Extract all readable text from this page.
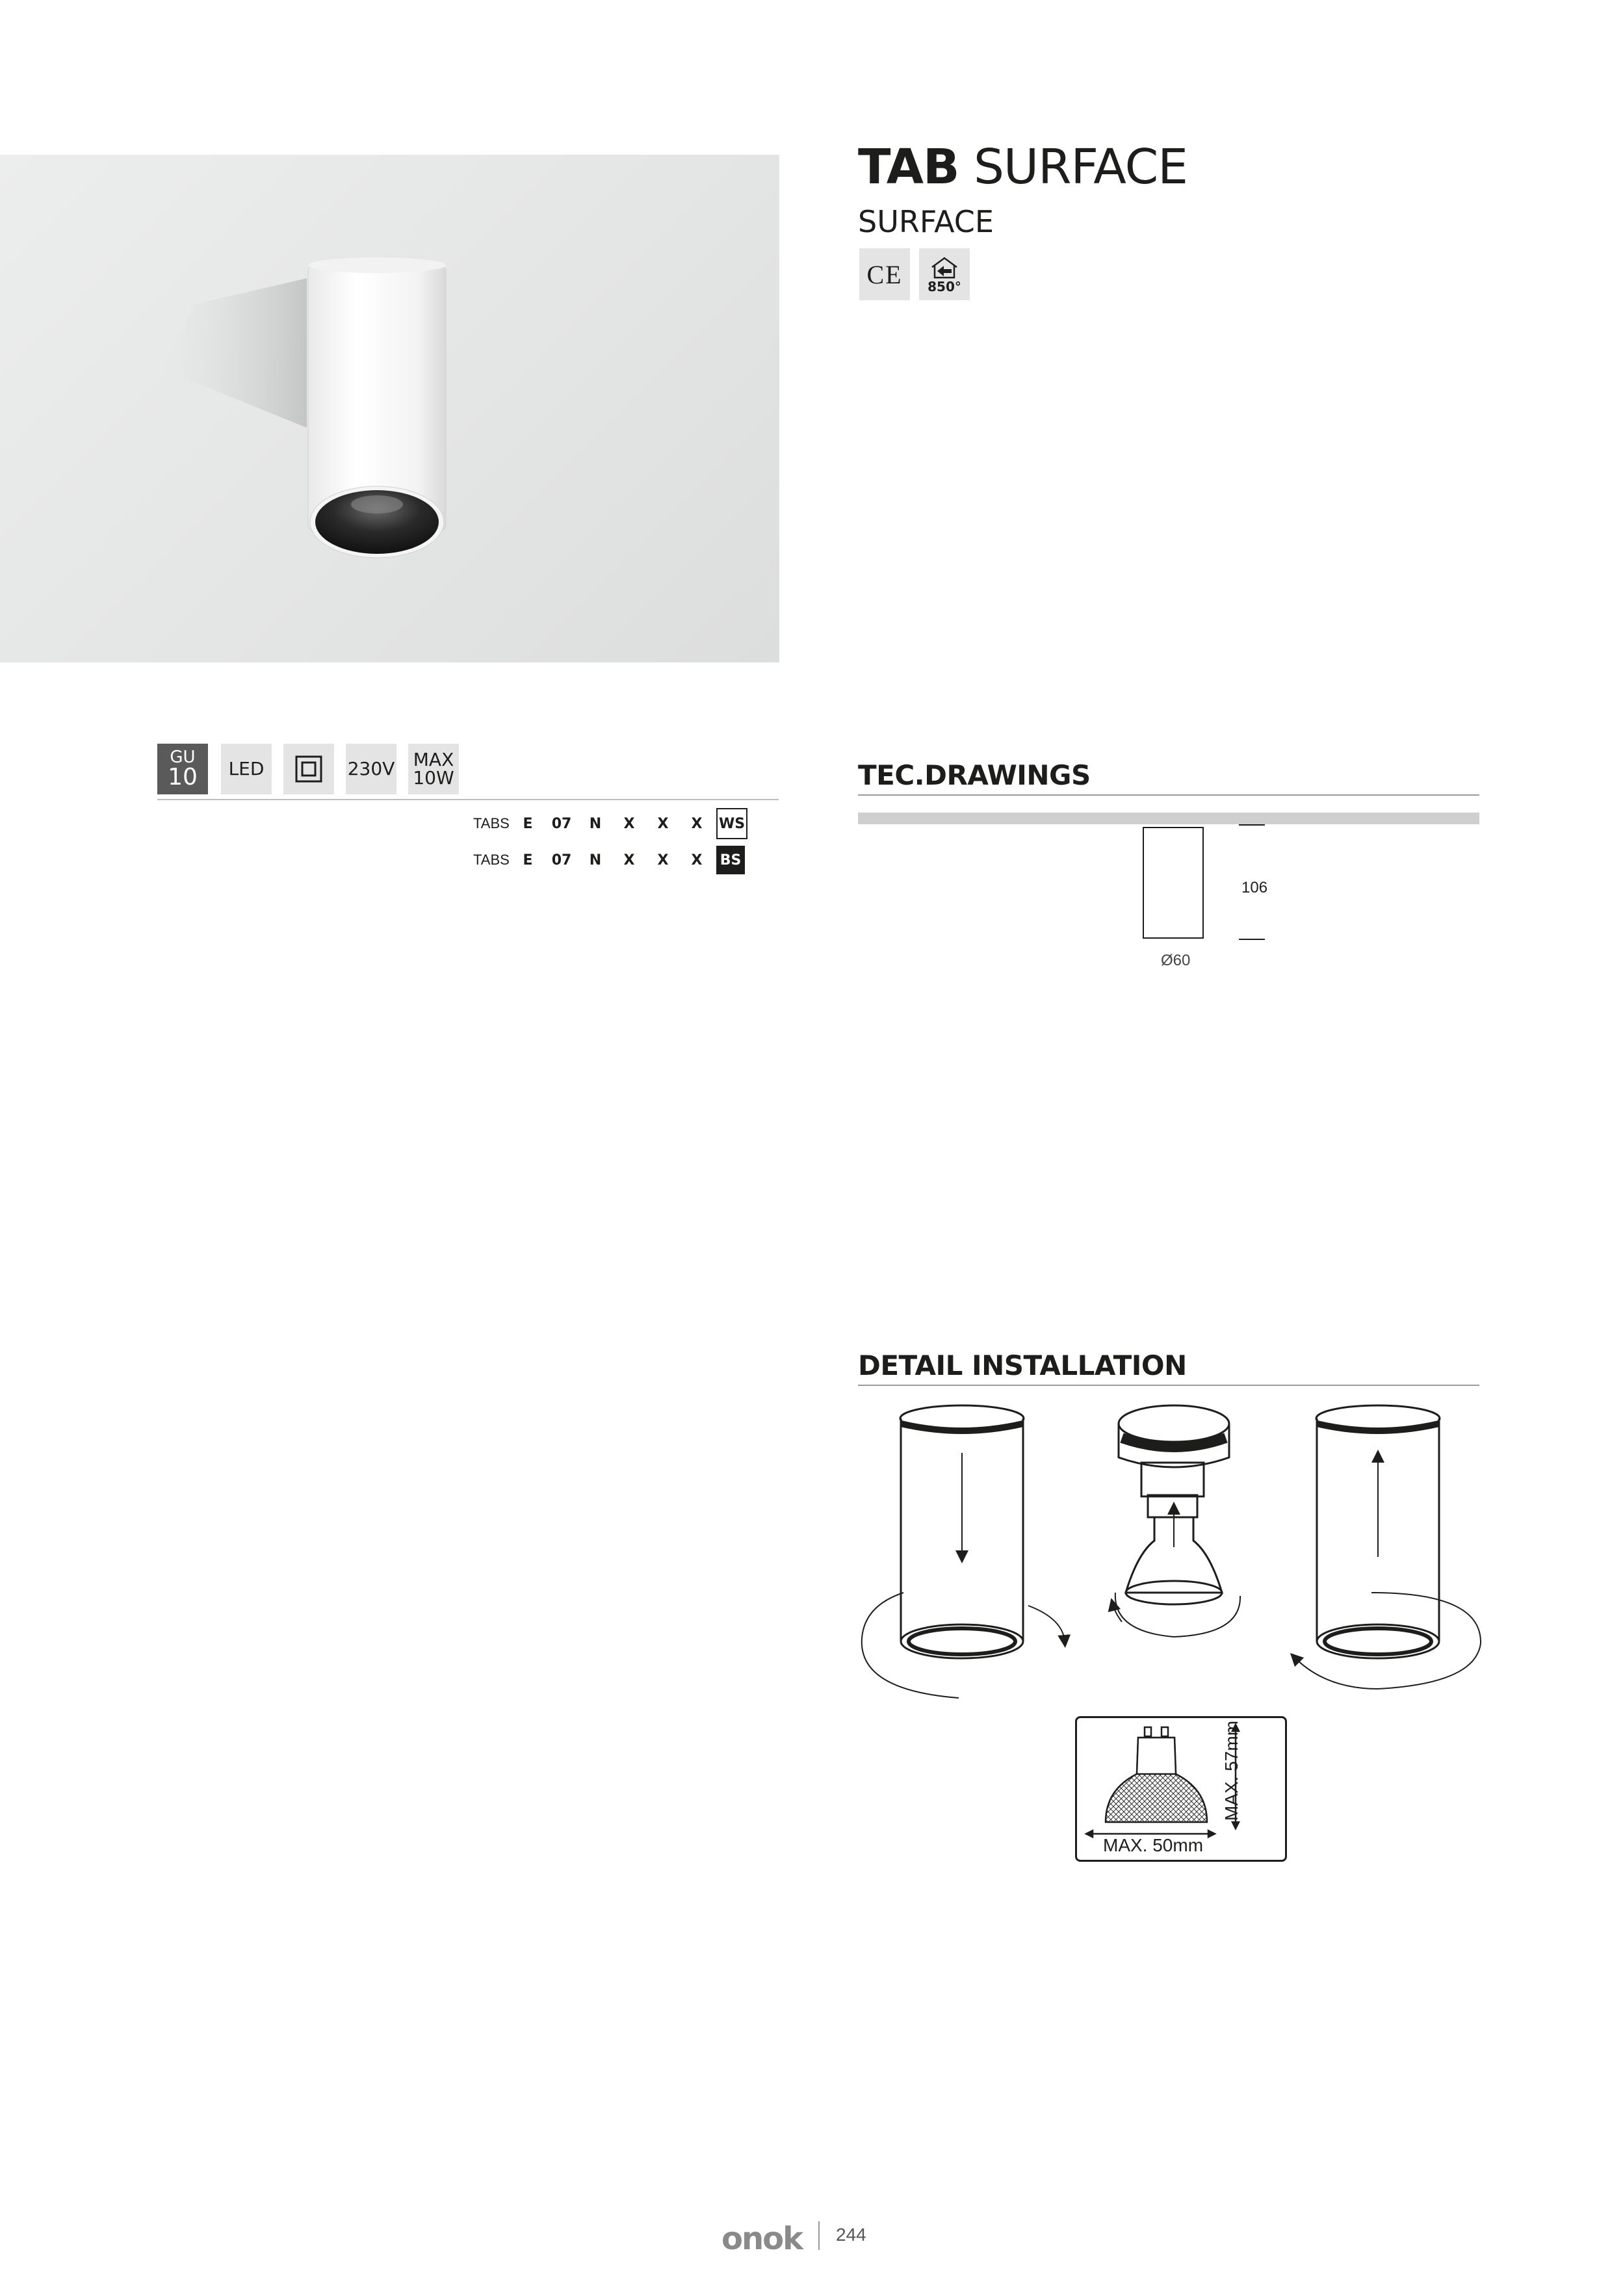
TAB SURFACE
SURFACE
CE 850°
GU
10 LED	230V MAX
10W
TABS E	07	N	X	X	X	WS
TABS E	07	N	X	X	X	BS
TEC.DRAWINGS
106
Ø60
DETAIL INSTALLATION
MAX. 50mm
MAX. 57mm
onok 244
